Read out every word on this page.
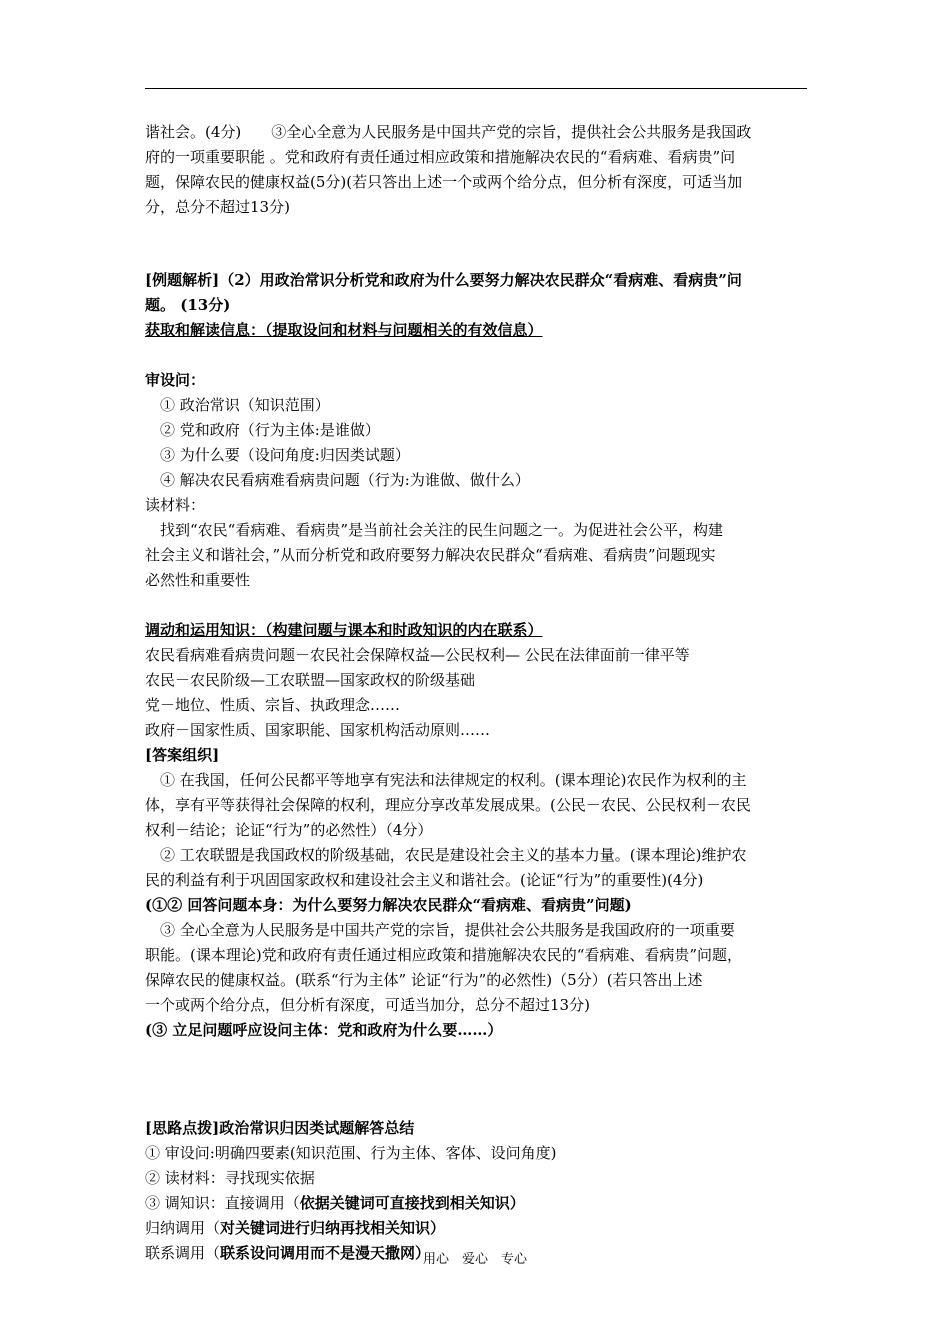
谐社会。(4分)　　③全心全意为人民服务是中国共产党的宗旨，提供社会公共服务是我国政

府的一项重要职能 。党和政府有责任通过相应政策和措施解决农民的“看病难、看病贵”问

题，保障农民的健康权益(5分)(若只答出上述一个或两个给分点，但分析有深度，可适当加

分，总分不超过13分)

[例题解析]（2）用政治常识分析党和政府为什么要努力解决农民群众“看病难、看病贵”问

题。 (13分)

获取和解读信息：（提取设问和材料与问题相关的有效信息）

审设问：

① 政治常识（知识范围）

② 党和政府（行为主体:是谁做）

③ 为什么要（设问角度:归因类试题）

④ 解决农民看病难看病贵问题（行为:为谁做、做什么）

读材料：

　找到“农民“看病难、看病贵”是当前社会关注的民生问题之一。为促进社会公平，构建

社会主义和谐社会，”从而分析党和政府要努力解决农民群众“看病难、看病贵”问题现实

必然性和重要性

调动和运用知识：（构建问题与课本和时政知识的内在联系）

农民看病难看病贵问题－农民社会保障权益—公民权利— 公民在法律面前一律平等

农民－农民阶级—工农联盟—国家政权的阶级基础

党－地位、性质、宗旨、执政理念……

政府－国家性质、国家职能、国家机构活动原则……

[答案组织]

　① 在我国，任何公民都平等地享有宪法和法律规定的权利。(课本理论)农民作为权利的主

体，享有平等获得社会保障的权利，理应分享改革发展成果。(公民－农民、公民权利－农民

权利－结论；论证“行为”的必然性）（4分）

　② 工农联盟是我国政权的阶级基础，农民是建设社会主义的基本力量。(课本理论)维护农

民的利益有利于巩固国家政权和建设社会主义和谐社会。(论证“行为”的重要性)(4分)

(①② 回答问题本身：为什么要努力解决农民群众“看病难、看病贵”问题)

　③ 全心全意为人民服务是中国共产党的宗旨，提供社会公共服务是我国政府的一项重要

职能。(课本理论)党和政府有责任通过相应政策和措施解决农民的“看病难、看病贵”问题，

保障农民的健康权益。(联系“行为主体” 论证“行为”的必然性)（5分）(若只答出上述

一个或两个给分点，但分析有深度，可适当加分，总分不超过13分)

(③ 立足问题呼应设问主体：党和政府为什么要……）

[思路点拨]政治常识归因类试题解答总结

① 审设问:明确四要素(知识范围、行为主体、客体、设问角度)

② 读材料：寻找现实依据

③ 调知识：直接调用（依据关键词可直接找到相关知识）

归纳调用（对关键词进行归纳再找相关知识）

联系调用（联系设问调用而不是漫天撒网）

用心　爱心　专心
